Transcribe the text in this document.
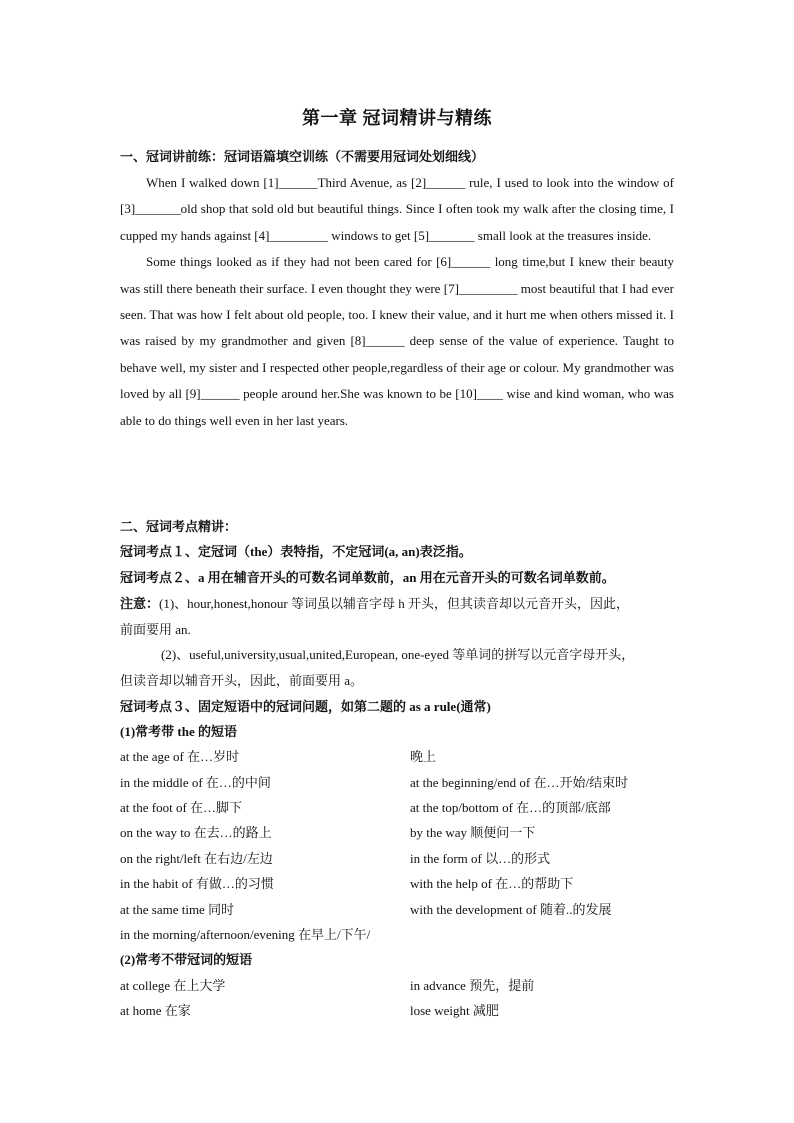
第一章 冠词精讲与精练
一、冠词讲前练：冠词语篇填空训练（不需要用冠词处划细线）

When I walked down [1]______Third Avenue, as [2]______ rule, I used to look into the window of [3]_______old shop that sold old but beautiful things. Since I often took my walk after the closing time, I cupped my hands against [4]_________ windows to get [5]_______ small look at the treasures inside.

Some things looked as if they had not been cared for [6]______ long time,but I knew their beauty was still there beneath their surface. I even thought they were [7]_________ most beautiful that I had ever seen. That was how I felt about old people, too. I knew their value, and it hurt me when others missed it. I was raised by my grandmother and given [8]______ deep sense of the value of experience. Taught to behave well, my sister and I respected other people,regardless of their age or colour. My grandmother was loved by all [9]______ people around her.She was known to be [10]____ wise and kind woman, who was able to do things well even in her last years.

二、冠词考点精讲：
冠词考点１、定冠词（the）表特指，不定冠词(a, an)表泛指。
冠词考点２、a 用在辅音开头的可数名词单数前，an 用在元音开头的可数名词单数前。
注意：(1)、hour,honest,honour 等词虽以辅音字母 h 开头，但其读音却以元音开头，因此，
前面要用 an.
(2)、useful,university,usual,united,European, one-eyed 等单词的拼写以元音字母开头，
但读音却以辅音开头，因此，前面要用 a。
冠词考点３、固定短语中的冠词问题，如第二题的 as a rule(通常)
(1)常考带 the 的短语
at the age of 在…岁时	晚上
in the middle of 在…的中间	at the beginning/end of 在…开始/结束时
at the foot of 在…脚下	at the top/bottom of 在…的顶部/底部
on the way to 在去…的路上	by the way 顺便问一下
on the right/left 在右边/左边	in the form of 以…的形式
in the habit of 有做…的习惯	with the help of 在…的帮助下
at the same time 同时	with the development of 随着..的发展
in the morning/afternoon/evening 在早上/下午/
(2)常考不带冠词的短语
at college 在上大学	in advance 预先，提前
at home 在家	lose weight 减肥
